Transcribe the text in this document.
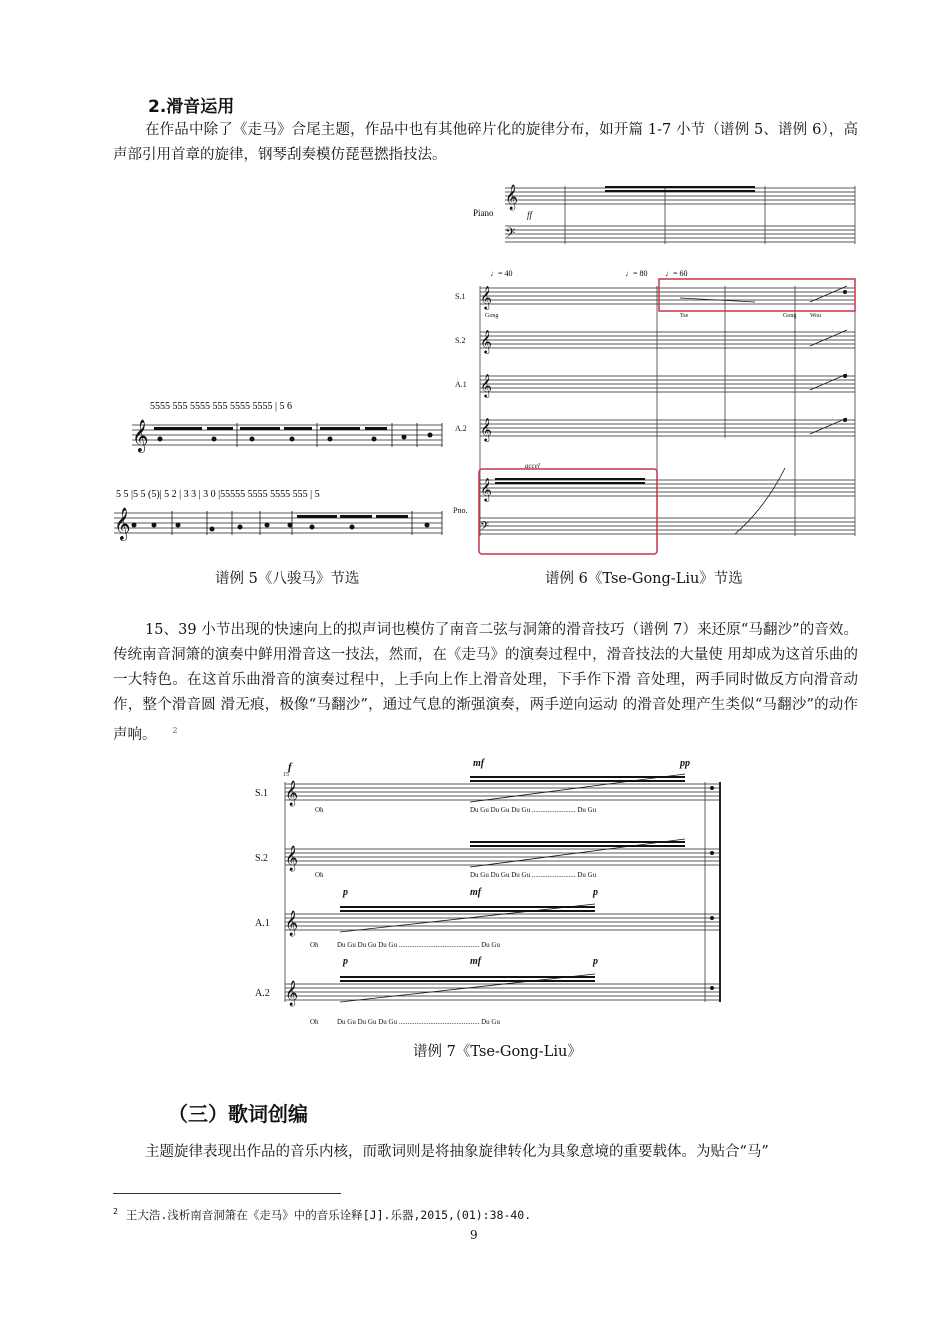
2.滑音运用

在作品中除了《走马》合尾主题，作品中也有其他碎片化的旋律分布，如开篇 1-7 小节（谱例 5、谱例 6），高声部引用首章的旋律，钢琴刮奏模仿琵琶撚指技法。

𝄞
𝄞
5555 555 5555 555 5555 5555 | 5 6
5 5 |5 5 (5)| 5 2 | 3 3 | 3 0 |55555 5555 5555 555 | 5
Piano
𝄞
𝄢
ff
♩= 40	♩= 80 ♩= 60
S.1
S.2
A.1
A.2
Pno.
Gong	Tse	Gong Wou
accel
𝄞
𝄞
𝄞
𝄞
𝄞
𝄢
谱例 5《八骏马》节选	谱例 6《Tse-Gong-Liu》节选

15、39 小节出现的快速向上的拟声词也模仿了南音二弦与洞箫的滑音技巧（谱例 7）来还原“马翻沙”的音效。传统南音洞箫的演奏中鲜用滑音这一技法，然而，在《走马》的演奏过程中，滑音技法的大量使 用却成为这首乐曲的一大特色。在这首乐曲滑音的演奏过程中，上手向上作上滑音处理，下手作下滑 音处理，两手同时做反方向滑音动作，整个滑音圆 滑无痕，极像“马翻沙”，通过气息的渐强演奏，两手逆向运动 的滑音处理产生类似“马翻沙”的动作声响。 $^2$

S.1
S.2
A.1
A.2
15
𝄞
𝄞
𝄞
𝄞
Oh
Oh
Oh
Oh
Du Gu Du Gu Du Gu ......................... Du Gu
Du Gu Du Gu Du Gu ......................... Du Gu
Du Gu Du Gu Du Gu .............................................. Du Gu
Du Gu Du Gu Du Gu .............................................. Du Gu
f	mf	pp
p	mf	p
p	mf	p
谱例 7《Tse-Gong-Liu》
（三）歌词创编

主题旋律表现出作品的音乐内核，而歌词则是将抽象旋律转化为具象意境的重要载体。为贴合“马”

$^2$ 王大浩.浅析南音洞箫在《走马》中的音乐诠释[J].乐器,2015,(01):38-40.
9
